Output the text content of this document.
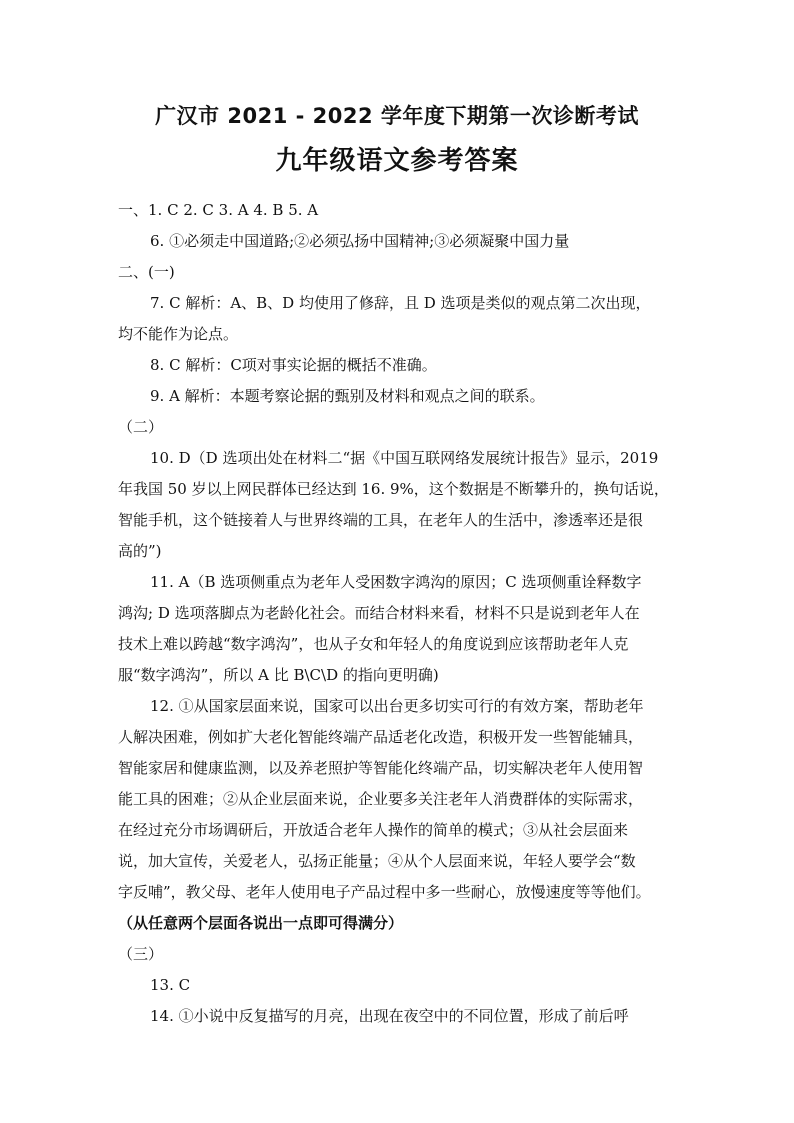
广汉市 2021 - 2022 学年度下期第一次诊断考试
九年级语文参考答案

一、1. C 2. C 3. A 4. B 5. A

6. ①必须走中国道路;②必须弘扬中国精神;③必须凝聚中国力量

二、(一)

7. C 解析：A、B、D 均使用了修辞，且 D 选项是类似的观点第二次出现，

均不能作为论点。

8. C 解析：C项对事实论据的概括不准确。

9. A 解析：本题考察论据的甄别及材料和观点之间的联系。

（二）

10. D（D 选项出处在材料二“据《中国互联网络发展统计报告》显示，2019

年我国 50 岁以上网民群体已经达到 16. 9%，这个数据是不断攀升的，换句话说，

智能手机，这个链接着人与世界终端的工具，在老年人的生活中，渗透率还是很

高的”)

11. A（B 选项侧重点为老年人受困数字鸿沟的原因；C 选项侧重诠释数字

鸿沟; D 选项落脚点为老龄化社会。而结合材料来看，材料不只是说到老年人在

技术上难以跨越“数字鸿沟”，也从子女和年轻人的角度说到应该帮助老年人克

服“数字鸿沟”，所以 A 比 B\C\D 的指向更明确)

12. ①从国家层面来说，国家可以出台更多切实可行的有效方案，帮助老年

人解决困难，例如扩大老化智能终端产品适老化改造，积极开发一些智能辅具，

智能家居和健康监测，以及养老照护等智能化终端产品，切实解决老年人使用智

能工具的困难；②从企业层面来说，企业要多关注老年人消费群体的实际需求，

在经过充分市场调研后，开放适合老年人操作的简单的模式；③从社会层面来

说，加大宣传，关爱老人，弘扬正能量；④从个人层面来说，年轻人要学会“数

字反哺”，教父母、老年人使用电子产品过程中多一些耐心，放慢速度等等他们。

（从任意两个层面各说出一点即可得满分）

（三）

13. C

14. ①小说中反复描写的月亮，出现在夜空中的不同位置，形成了前后呼
